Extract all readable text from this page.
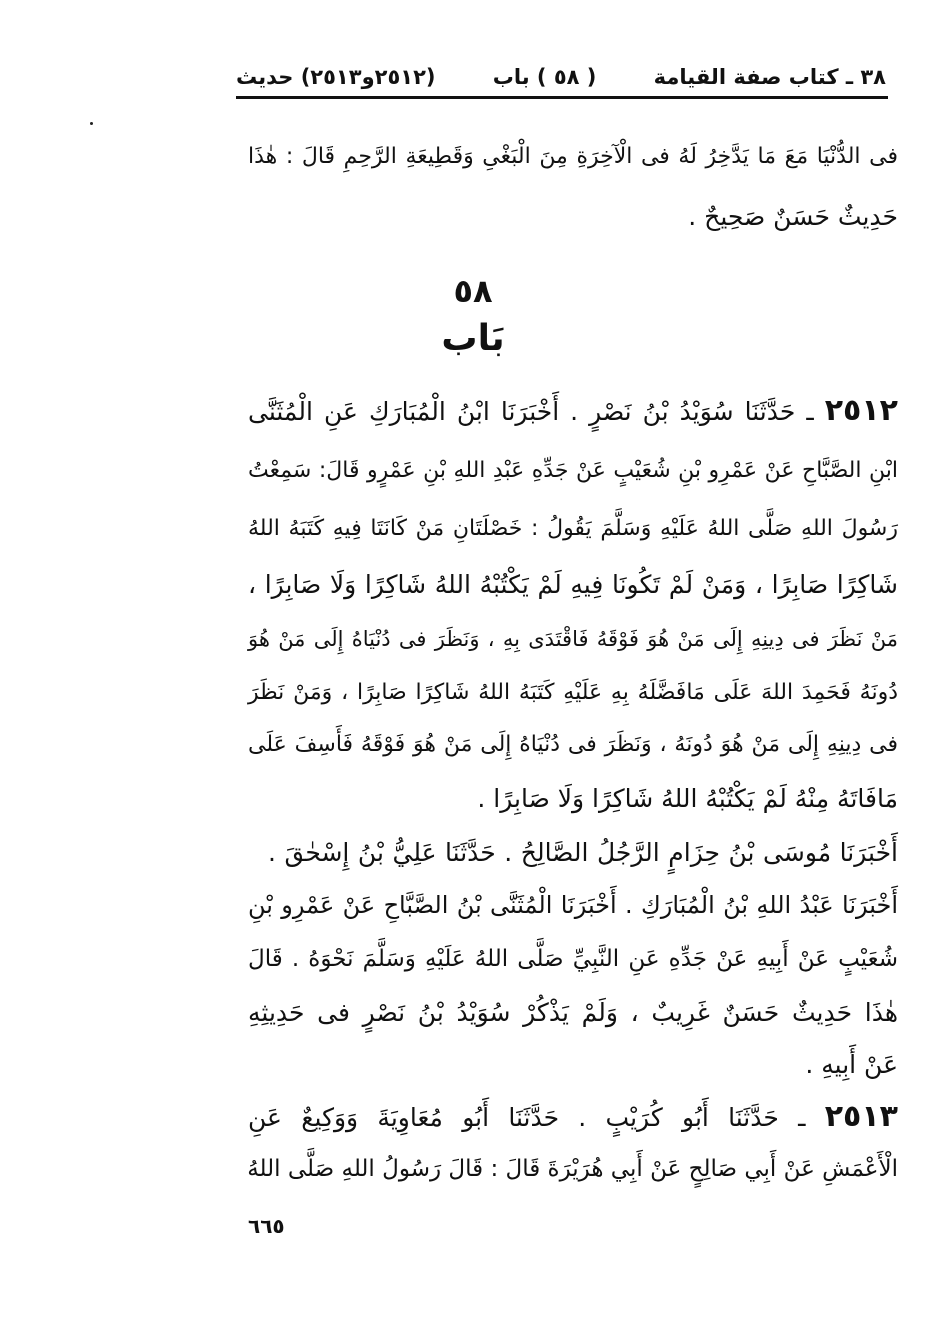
٣٨ ـ كتاب صفة القيامة
( ٥٨ ) باب
(٢٥١٢و٢٥١٣) حديث
فى الدُّنْيَا مَعَ مَا يَدَّخِرُ لَهُ فى الْآخِرَةِ مِنَ الْبَغْىِ وَقَطِيعَةِ الرَّحِمِ قَالَ : هٰذَا
حَدِيثٌ حَسَنٌ صَحِيحٌ .
٥٨
بَاب
٢٥١٢ ـ حَدَّثَنَا سُوَيْدُ بْنُ نَصْرٍ . أَخْبَرَنَا ابْنُ الْمُبَارَكِ عَنِ الْمُثَنَّى
ابْنِ الصَّبَّاحِ عَنْ عَمْرِو بْنِ شُعَيْبٍ عَنْ جَدِّهِ عَبْدِ اللهِ بْنِ عَمْرٍو قَالَ: سَمِعْتُ
رَسُولَ اللهِ صَلَّى اللهُ عَلَيْهِ وَسَلَّمَ يَقُولُ : خَصْلَتَانِ مَنْ كَانَتَا فِيهِ كَتَبَهُ اللهُ
شَاكِرًا صَابِرًا ، وَمَنْ لَمْ تَكُونَا فِيهِ لَمْ يَكْتُبْهُ اللهُ شَاكِرًا وَلَا صَابِرًا ،
مَنْ نَظَرَ فى دِينِهِ إِلَى مَنْ هُوَ فَوْقَهُ فَاقْتَدَى بِهِ ، وَنَظَرَ فى دُنْيَاهُ إِلَى مَنْ هُوَ
دُونَهُ فَحَمِدَ اللهَ عَلَى مَافَضَّلَهُ بِهِ عَلَيْهِ كَتَبَهُ اللهُ شَاكِرًا صَابِرًا ، وَمَنْ نَظَرَ
فى دِينِهِ إِلَى مَنْ هُوَ دُونَهُ ، وَنَظَرَ فى دُنْيَاهُ إِلَى مَنْ هُوَ فَوْقَهُ فَأَسِفَ عَلَى
مَافَاتَهُ مِنْهُ لَمْ يَكْتُبْهُ اللهُ شَاكِرًا وَلَا صَابِرًا .
أَخْبَرَنَا مُوسَى بْنُ حِزَامٍ الرَّجُلُ الصَّالِحُ . حَدَّثَنَا عَلِيُّ بْنُ إِسْحٰقَ .
أَخْبَرَنَا عَبْدُ اللهِ بْنُ الْمُبَارَكِ . أَخْبَرَنَا الْمُثَنَّى بْنُ الصَّبَّاحِ عَنْ عَمْرِو بْنِ
شُعَيْبٍ عَنْ أَبِيهِ عَنْ جَدِّهِ عَنِ النَّبِيِّ صَلَّى اللهُ عَلَيْهِ وَسَلَّمَ نَحْوَهُ . قَالَ
هٰذَا حَدِيثٌ حَسَنٌ غَرِيبٌ ، وَلَمْ يَذْكُرْ سُوَيْدُ بْنُ نَصْرٍ فى حَدِيثِهِ
عَنْ أَبِيهِ .
٢٥١٣ ـ حَدَّثَنَا أَبُو كُرَيْبٍ . حَدَّثَنَا أَبُو مُعَاوِيَةَ وَوَكِيعٌ عَنِ
الْأَعْمَشِ عَنْ أَبِي صَالِحٍ عَنْ أَبِي هُرَيْرَةَ قَالَ : قَالَ رَسُولُ اللهِ صَلَّى اللهُ
٦٦٥
